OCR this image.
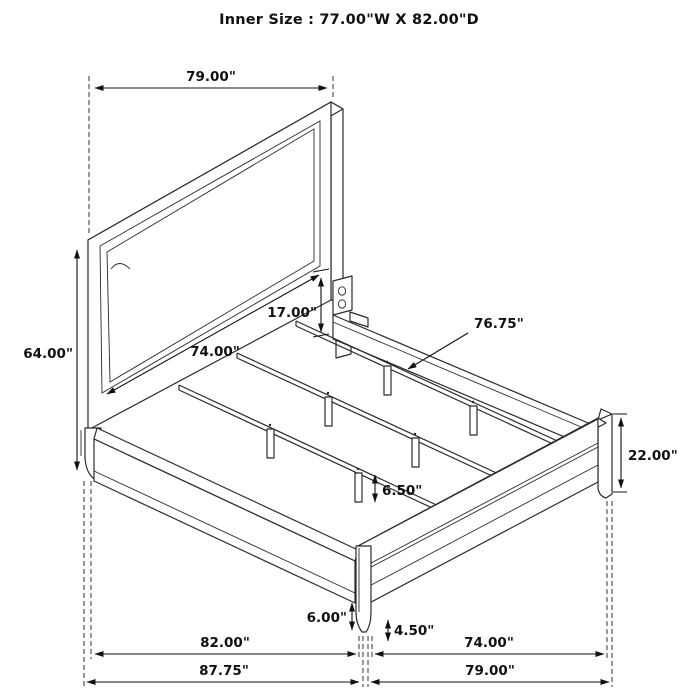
Inner Size : 77.00"W X 82.00"D
79.00"
64.00"	74.00"
17.00"
76.75"
22.00"
6.50"
6.00"
4.50"
82.00"	74.00"
87.75"	79.00"
